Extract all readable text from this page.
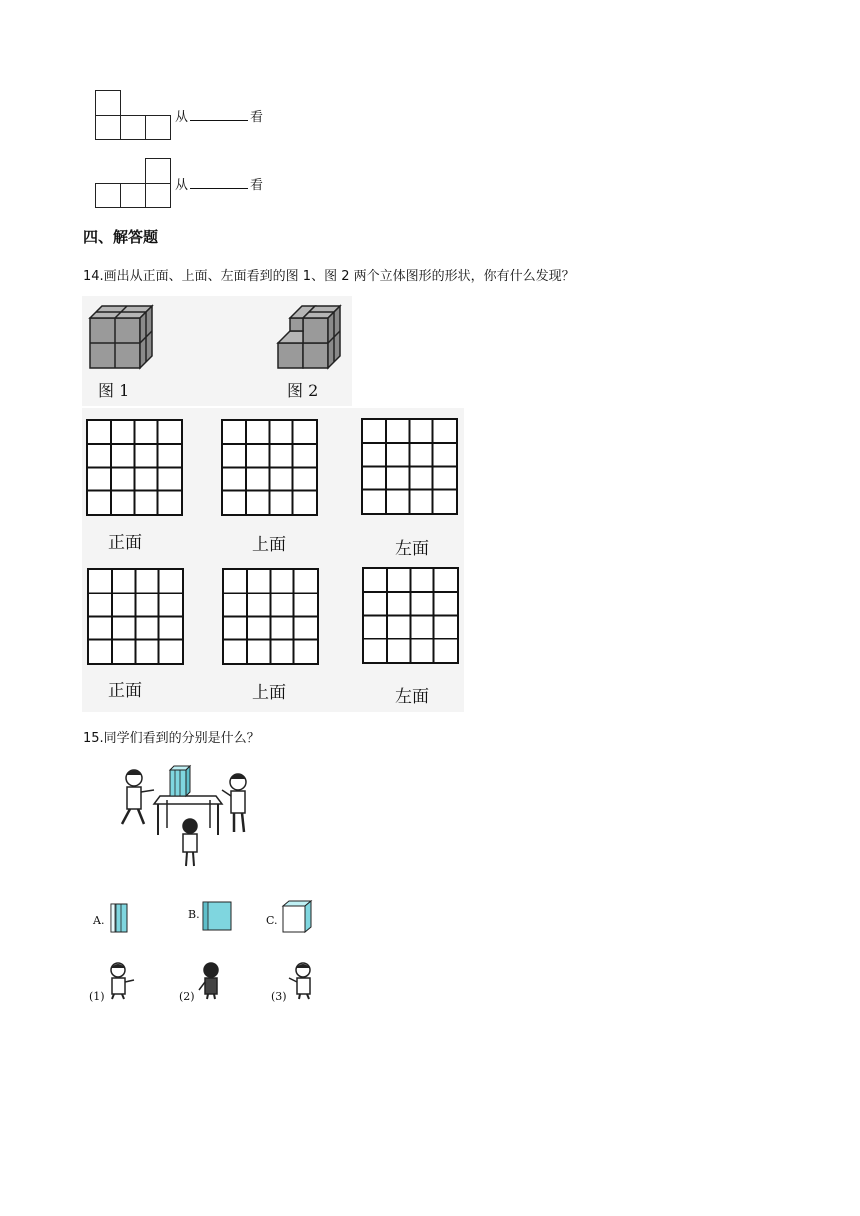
从	看
从	看
四、解答题
14.画出从正面、上面、左面看到的图 1、图 2 两个立体图形的形状，你有什么发现？
图 1	图 2
正面	上面	左面
正面	上面	左面
15.同学们看到的分别是什么？
A.	B.	C.
(1)	(2)	(3)
